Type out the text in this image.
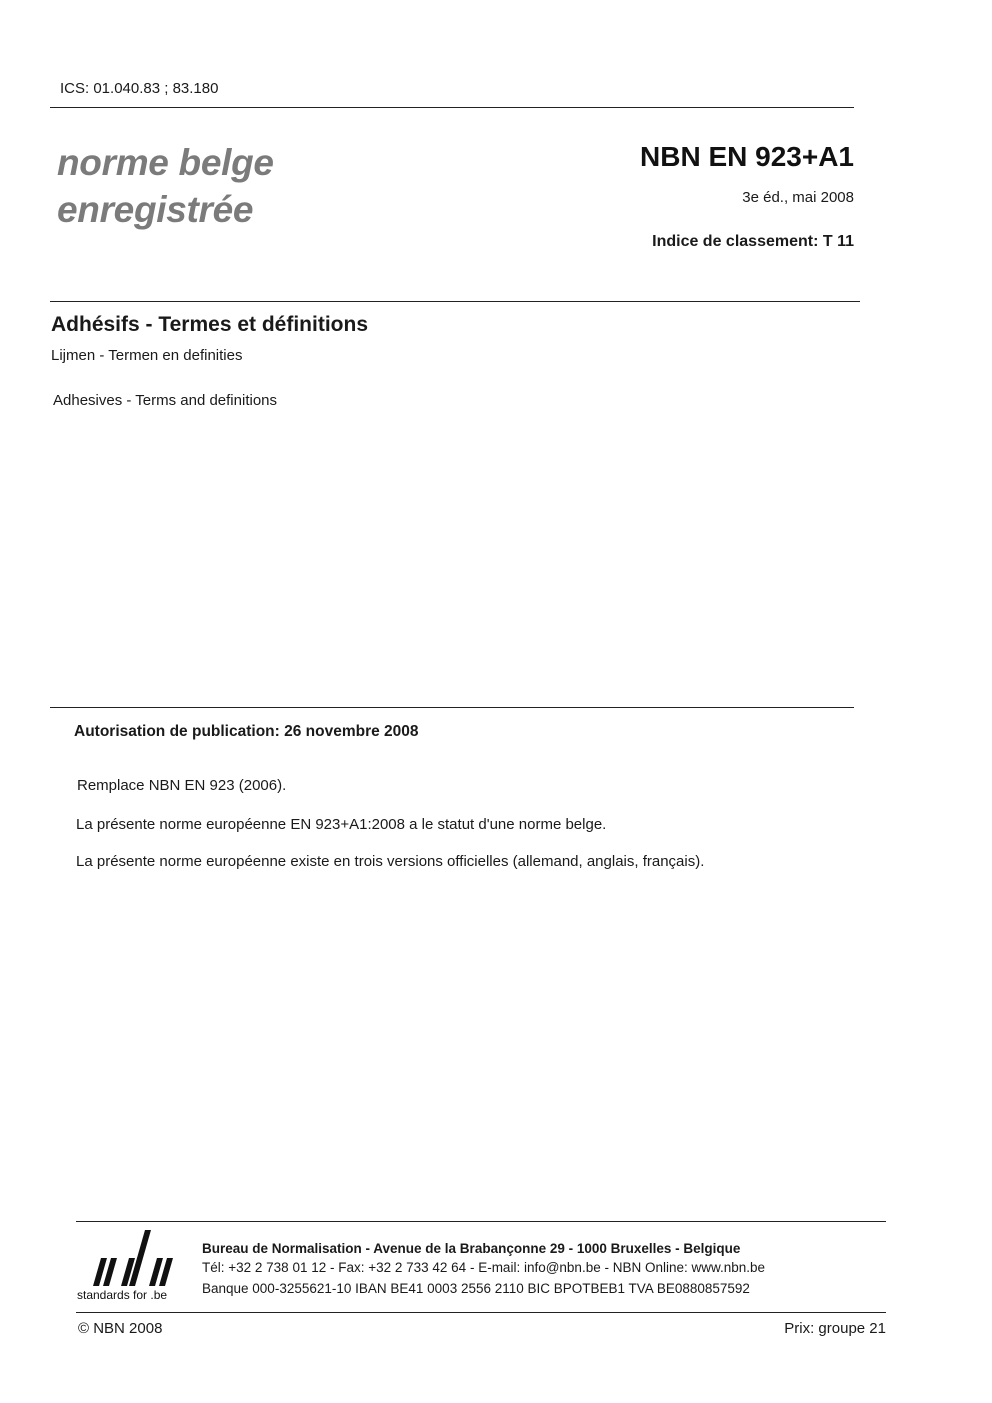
ICS: 01.040.83 ; 83.180
norme belge
enregistrée
NBN EN 923+A1
3e éd., mai 2008
Indice de classement: T 11
Adhésifs - Termes et définitions
Lijmen - Termen en definities
Adhesives - Terms and definitions
Autorisation de publication: 26 novembre 2008
Remplace NBN EN 923 (2006).
La présente norme européenne EN 923+A1:2008 a le statut d'une norme belge.
La présente norme européenne existe en trois versions officielles (allemand, anglais, français).
standards for .be
Bureau de Normalisation - Avenue de la Brabançonne 29 - 1000 Bruxelles - Belgique
Tél: +32 2 738 01 12 - Fax: +32 2 733 42 64 - E-mail: info@nbn.be - NBN Online: www.nbn.be
Banque 000-3255621-10 IBAN BE41 0003 2556 2110 BIC BPOTBEB1 TVA BE0880857592
© NBN 2008	Prix: groupe 21
